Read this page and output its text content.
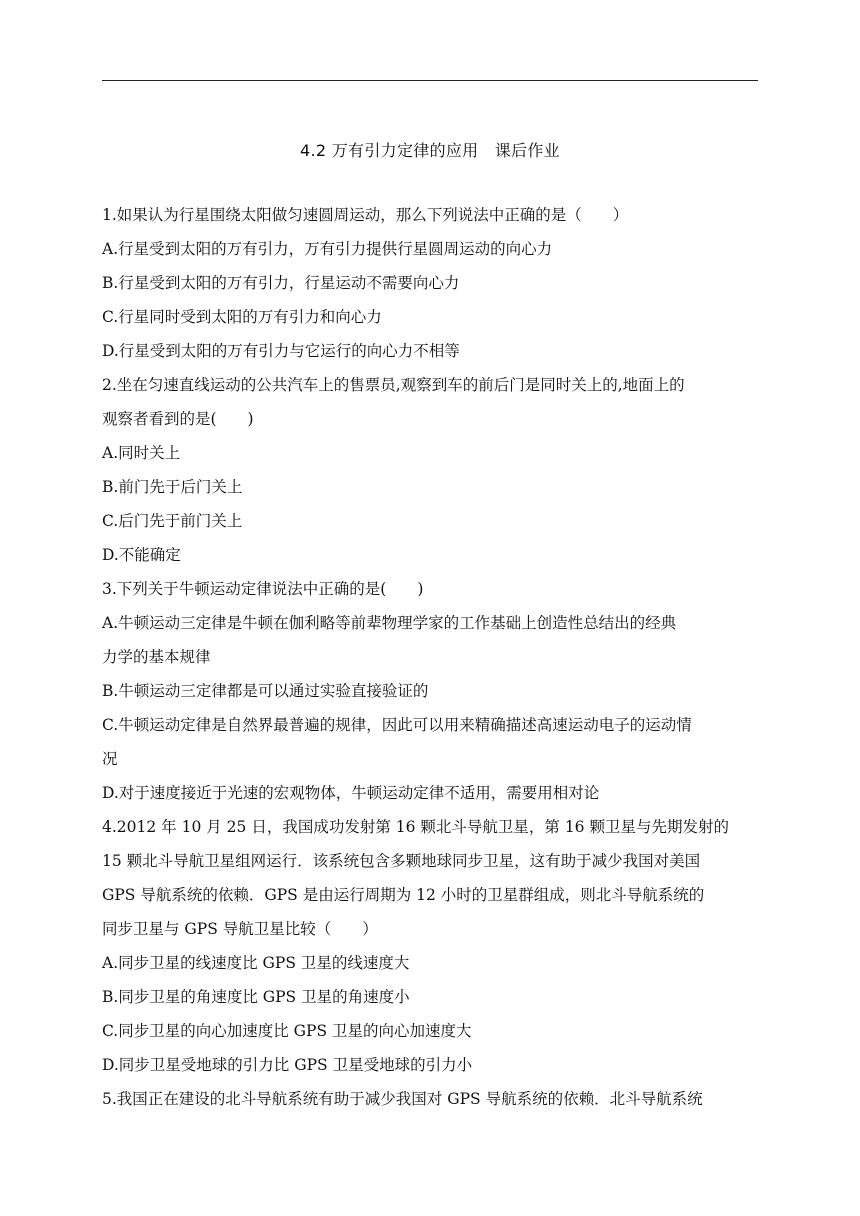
4.2 万有引力定律的应用　课后作业
1.如果认为行星围绕太阳做匀速圆周运动，那么下列说法中正确的是（　　）
A.行星受到太阳的万有引力，万有引力提供行星圆周运动的向心力
B.行星受到太阳的万有引力，行星运动不需要向心力
C.行星同时受到太阳的万有引力和向心力
D.行星受到太阳的万有引力与它运行的向心力不相等
2.坐在匀速直线运动的公共汽车上的售票员,观察到车的前后门是同时关上的,地面上的
观察者看到的是(　　)
A.同时关上
B.前门先于后门关上
C.后门先于前门关上
D.不能确定
3.下列关于牛顿运动定律说法中正确的是(　　)
A.牛顿运动三定律是牛顿在伽利略等前辈物理学家的工作基础上创造性总结出的经典
力学的基本规律
B.牛顿运动三定律都是可以通过实验直接验证的
C.牛顿运动定律是自然界最普遍的规律，因此可以用来精确描述高速运动电子的运动情
况
D.对于速度接近于光速的宏观物体，牛顿运动定律不适用，需要用相对论
4.2012 年 10 月 25 日，我国成功发射第 16 颗北斗导航卫星，第 16 颗卫星与先期发射的
15 颗北斗导航卫星组网运行．该系统包含多颗地球同步卫星，这有助于减少我国对美国
GPS 导航系统的依赖．GPS 是由运行周期为 12 小时的卫星群组成，则北斗导航系统的
同步卫星与 GPS 导航卫星比较（　　）
A.同步卫星的线速度比 GPS 卫星的线速度大
B.同步卫星的角速度比 GPS 卫星的角速度小
C.同步卫星的向心加速度比 GPS 卫星的向心加速度大
D.同步卫星受地球的引力比 GPS 卫星受地球的引力小
5.我国正在建设的北斗导航系统有助于减少我国对 GPS 导航系统的依赖．北斗导航系统
